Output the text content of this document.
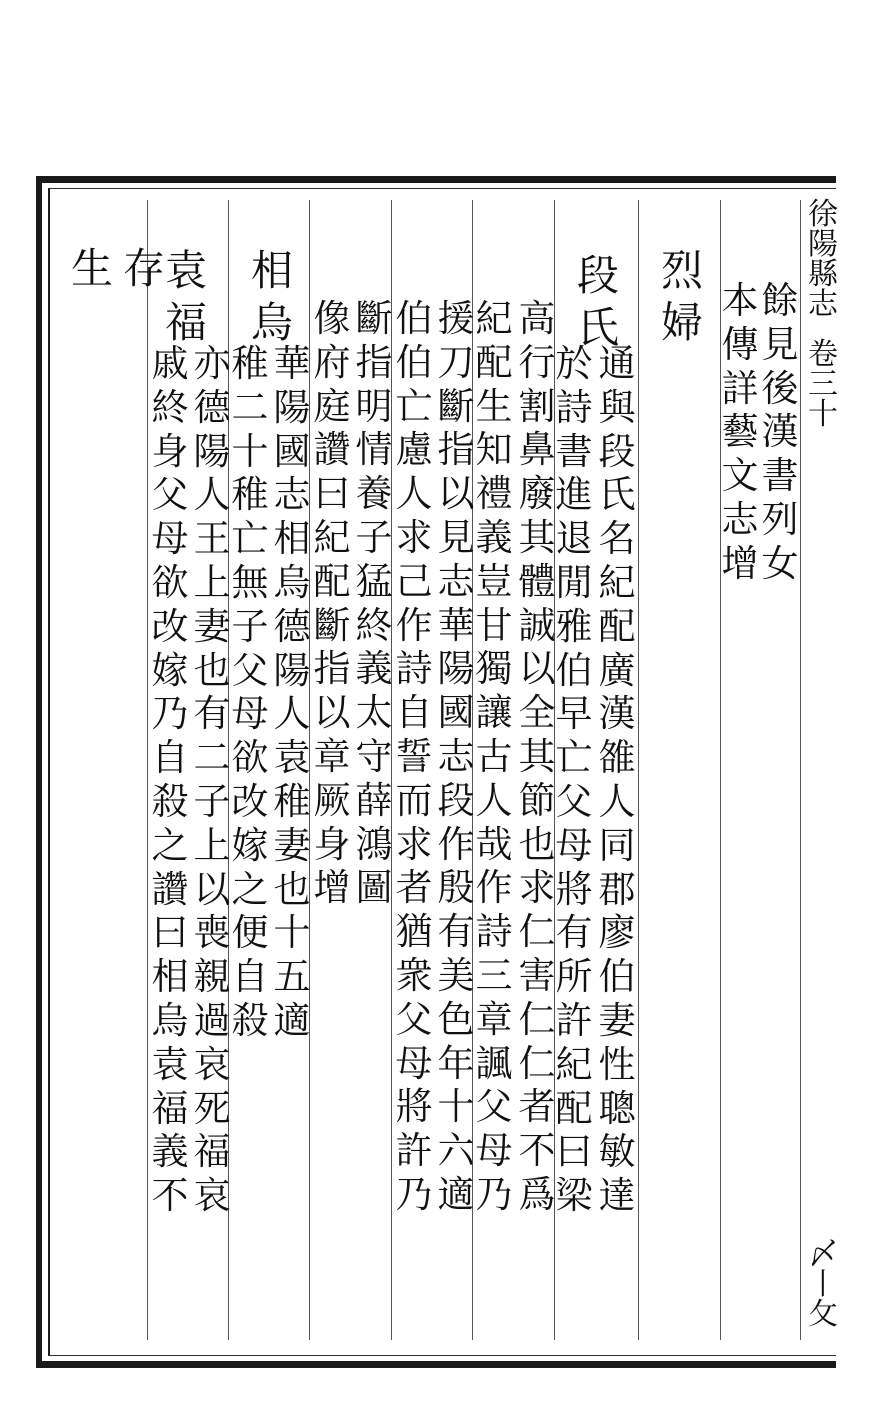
徐
陽
縣
志
卷
三
十
〆
丨
攵
餘
見
後
漢
書
列
女
本
傳
詳
藝
文
志
增
烈
婦
段
氏
通
與
段
氏
名
紀
配
廣
漢
雒
人
同
郡
廖
伯
妻
性
聰
敏
達
於
詩
書
進
退
閒
雅
伯
早
亡
父
母
將
有
所
許
紀
配
曰
梁
高
行
割
鼻
廢
其
體
誠
以
全
其
節
也
求
仁
害
仁
仁
者
不
爲
紀
配
生
知
禮
義
豈
甘
獨
讓
古
人
哉
作
詩
三
章
諷
父
母
乃
援
刀
斷
指
以
見
志
華
陽
國
志
段
作
殷
有
美
色
年
十
六
適
伯
伯
亡
慮
人
求
己
作
詩
自
誓
而
求
者
猶
衆
父
母
將
許
乃
斷
指
明
情
養
子
猛
終
義
太
守
薛
鴻
圖
像
府
庭
讚
曰
紀
配
斷
指
以
章
厥
身
增
相
烏
華
陽
國
志
相
烏
德
陽
人
袁
稚
妻
也
十
五
適
稚
二
十
稚
亡
無
子
父
母
欲
改
嫁
之
便
自
殺
袁
福
亦
德
陽
人
王
上
妻
也
有
二
子
上
以
喪
親
過
哀
死
福
哀
戚
終
身
父
母
欲
改
嫁
乃
自
殺
之
讚
曰
相
烏
袁
福
義
不
存
生
